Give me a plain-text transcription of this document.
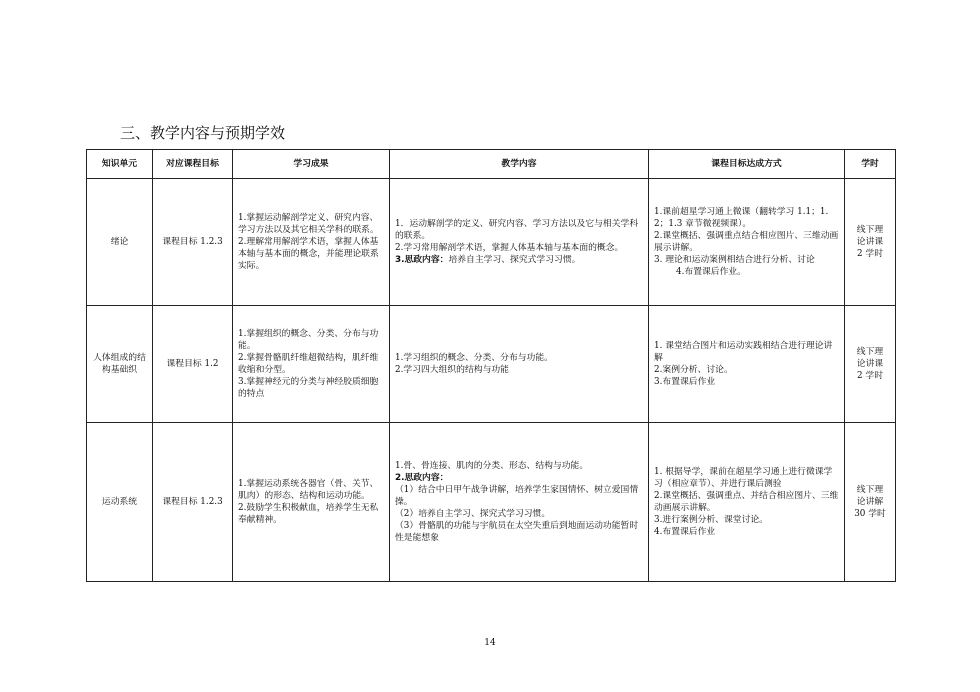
三、教学内容与预期学效
知识单元	对应课程目标	学习成果	教学内容	课程目标达成方式	学时
绪论	课程目标 1.2.3	1.掌握运动解剖学定义、研究内容、学习方法以及其它相关学科的联系。
2.理解常用解剖学术语，掌握人体基本轴与基本面的概念，并能理论联系实际。	1．运动解剖学的定义、研究内容、学习方法以及它与相关学科的联系。
2.学习常用解剖学术语，掌握人体基本轴与基本面的概念。
3.思政内容：培养自主学习、探究式学习习惯。	1.课前超星学习通上微课（翻转学习 1.1；1.2；1.3 章节微视频课）。
2.课堂概括、强调重点结合相应图片、三维动画展示讲解。
3. 理论和运动案例相结合进行分析、讨论
4.布置课后作业。	线下理
论讲课
2 学时

人体组成的结构基础织	课程目标 1.2	1.掌握组织的概念、分类、分布与功能。
2.掌握骨骼肌纤维超微结构，肌纤维收缩和分型。
3.掌握神经元的分类与神经胶质细胞的特点	1.学习组织的概念、分类、分布与功能。
2.学习四大组织的结构与功能	1. 课堂结合图片和运动实践相结合进行理论讲解
2.案例分析、讨论。
3.布置课后作业	线下理
论讲课
2 学时

运动系统	课程目标 1.2.3	1.掌握运动系统各器官（骨、关节、肌肉）的形态、结构和运动功能。
2.鼓励学生积极献血，培养学生无私奉献精神。	1.骨、骨连接、肌肉的分类、形态、结构与功能。
2.思政内容：
（1）结合中日甲午战争讲解，培养学生家国情怀、树立爱国情操。
（2）培养自主学习、探究式学习习惯。
（3）骨骼肌的功能与宇航员在太空失重后到地面运动功能暂时性是能想象	1. 根据导学，课前在超星学习通上进行微课学习（相应章节）、并进行课后测验
2.课堂概括、强调重点、并结合相应图片、三维动画展示讲解。
3.进行案例分析、课堂讨论。
4.布置课后作业	线下理
论讲解
30 学时
14
